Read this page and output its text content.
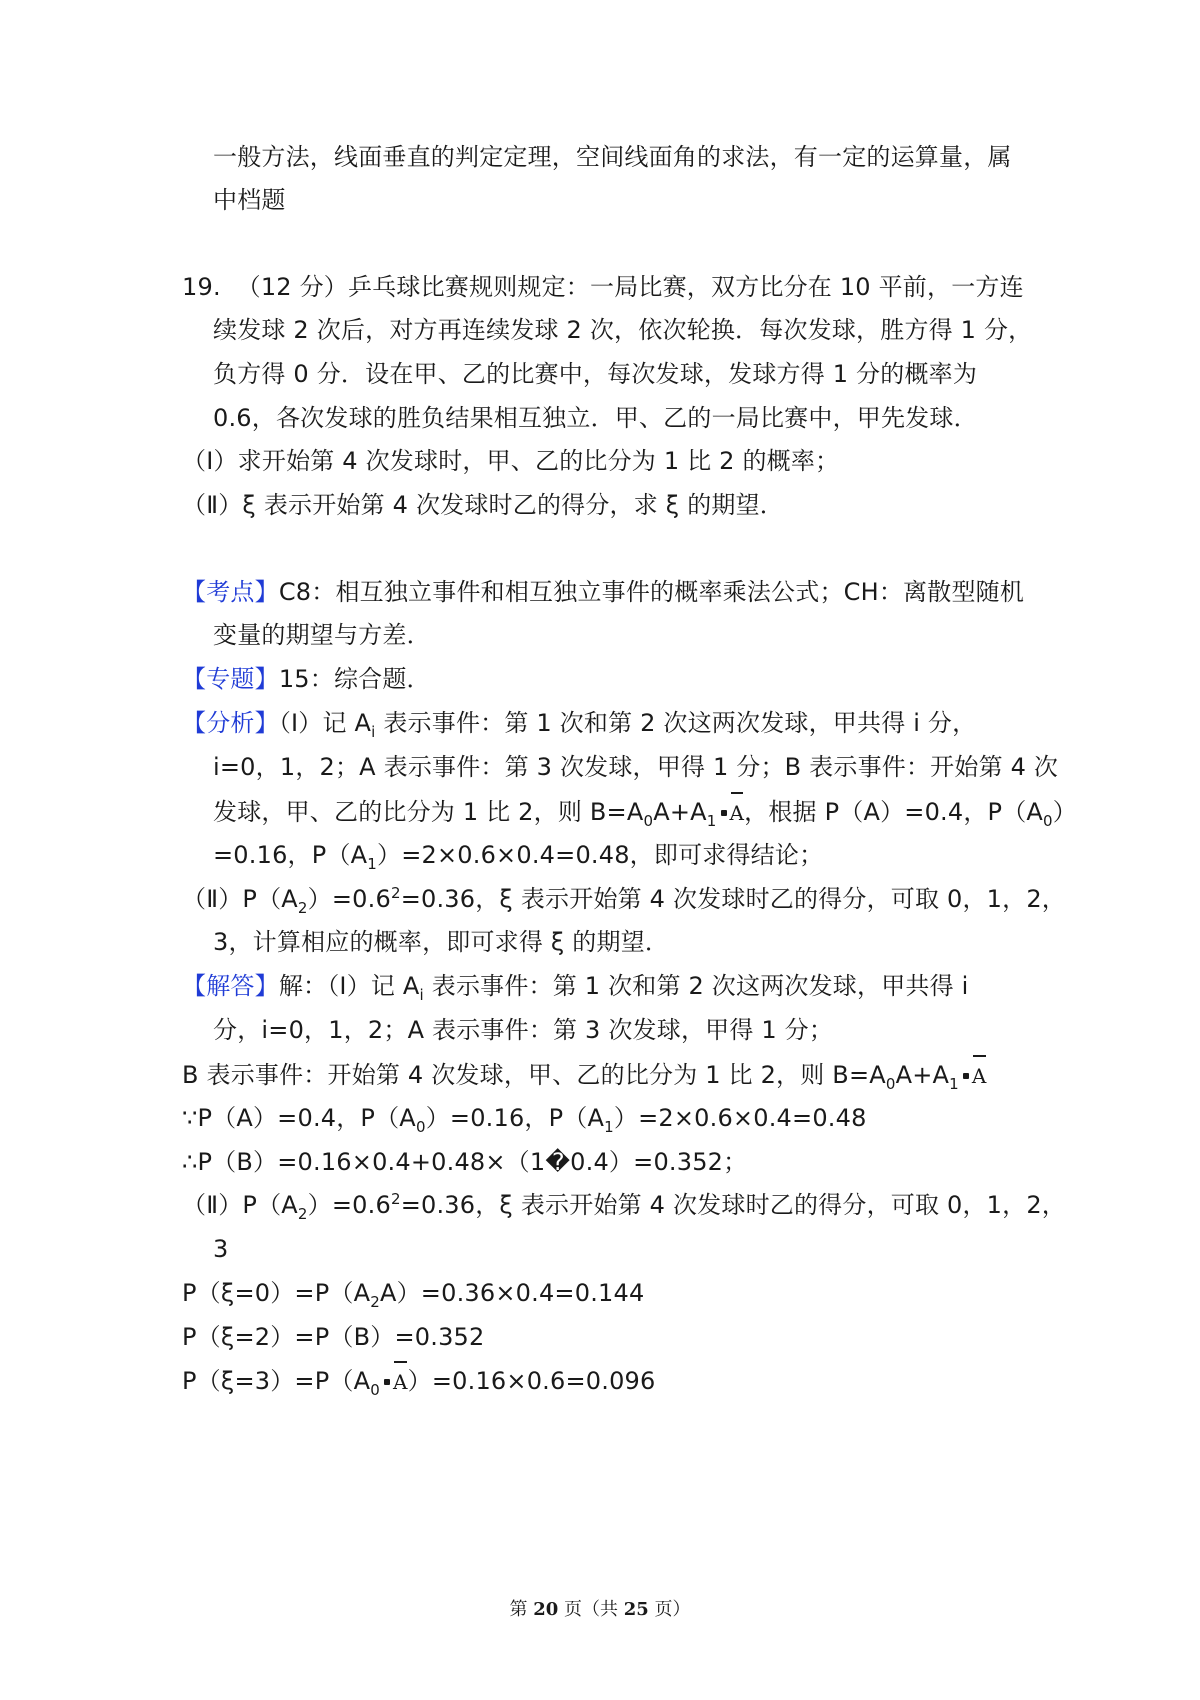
一般方法，线面垂直的判定定理，空间线面角的求法，有一定的运算量，属
中档题
19. （12 分）乒乓球比赛规则规定：一局比赛，双方比分在 10 平前，一方连
续发球 2 次后，对方再连续发球 2 次，依次轮换．每次发球，胜方得 1 分，
负方得 0 分．设在甲、乙的比赛中，每次发球，发球方得 1 分的概率为
0.6，各次发球的胜负结果相互独立．甲、乙的一局比赛中，甲先发球．
（Ⅰ）求开始第 4 次发球时，甲、乙的比分为 1 比 2 的概率；
（Ⅱ）ξ 表示开始第 4 次发球时乙的得分，求 ξ 的期望．
【考点】C8：相互独立事件和相互独立事件的概率乘法公式；CH：离散型随机
变量的期望与方差．
【专题】15：综合题．
【分析】（Ⅰ）记 $A_i$ 表示事件：第 1 次和第 2 次这两次发球，甲共得 i 分，
i=0，1，2；A 表示事件：第 3 次发球，甲得 1 分；B 表示事件：开始第 4 次
发球，甲、乙的比分为 1 比 2，则 $B=A_0A+A_1$ A，根据 P（A）=0.4，$P(A_0)$
=0.16，$P(A_1)=2\times 0.6\times 0.4=0.48$，即可求得结论；
$(Ⅱ)P(A_2)=0.6^2=0.36$，ξ 表示开始第 4 次发球时乙的得分，可取 0，1，2，
3，计算相应的概率，即可求得 ξ 的期望．
【解答】解：（Ⅰ）记 $A_i$ 表示事件：第 1 次和第 2 次这两次发球，甲共得 i
分，i=0，1，2；A 表示事件：第 3 次发球，甲得 1 分；
B 表示事件：开始第 4 次发球，甲、乙的比分为 1 比 2，则 $B=A_0A+A_1$ A
∵P（A）=0.4，$P(A_0)=0.16$，$P(A_1)=2\times 0.6\times 0.4=0.48$
∴P（B）=0.16×0.4+0.48×（1�0.4）=0.352；
$(Ⅱ)P(A_2)=0.6^2=0.36$，ξ 表示开始第 4 次发球时乙的得分，可取 0，1，2，
3
$P(\xi=0)=P(A_2A)=0.36\times 0.4=0.144$
P（ξ=2）=P（B）=0.352
$P(\xi=3)=P(A_0$ A）=0.16×0.6=0.096
第 20 页（共 25 页）
